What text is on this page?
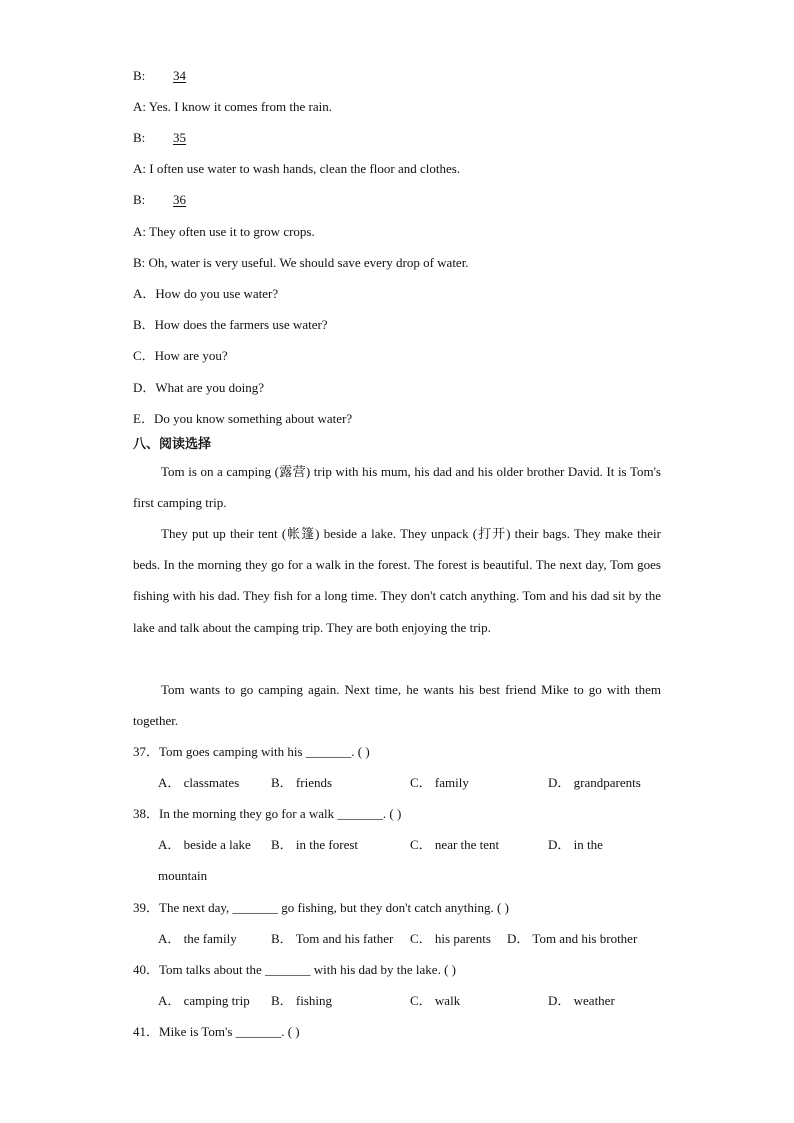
B: 34
A: Yes. I know it comes from the rain.
B: 35
A: I often use water to wash hands, clean the floor and clothes.
B: 36
A: They often use it to grow crops.
B: Oh, water is very useful. We should save every drop of water.
A．How do you use water?
B．How does the farmers use water?
C．How are you?
D．What are you doing?
E．Do you know something about water?
八、阅读选择
Tom is on a camping (露营) trip with his mum, his dad and his older brother David. It is Tom's first camping trip.
They put up their tent (帐篷) beside a lake. They unpack (打开) their bags. They make their beds. In the morning they go for a walk in the forest. The forest is beautiful. The next day, Tom goes fishing with his dad. They fish for a long time. They don't catch anything. Tom and his dad sit by the lake and talk about the camping trip. They are both enjoying the trip.
Tom wants to go camping again. Next time, he wants his best friend Mike to go with them together.
37．Tom goes camping with his _______. ( )
A． classmates B． friends	C． family	D． grandparents
38．In the morning they go for a walk _______. ( )
A． beside a lake B． in the forest	C． near the tent	D． in the
mountain
39．The next day, _______ go fishing, but they don't catch anything. ( )
A． the family	B． Tom and his father C． his parents D． Tom and his brother
40．Tom talks about the _______ with his dad by the lake. ( )
A． camping trip B． fishing	C． walk	D． weather
41．Mike is Tom's _______. ( )
